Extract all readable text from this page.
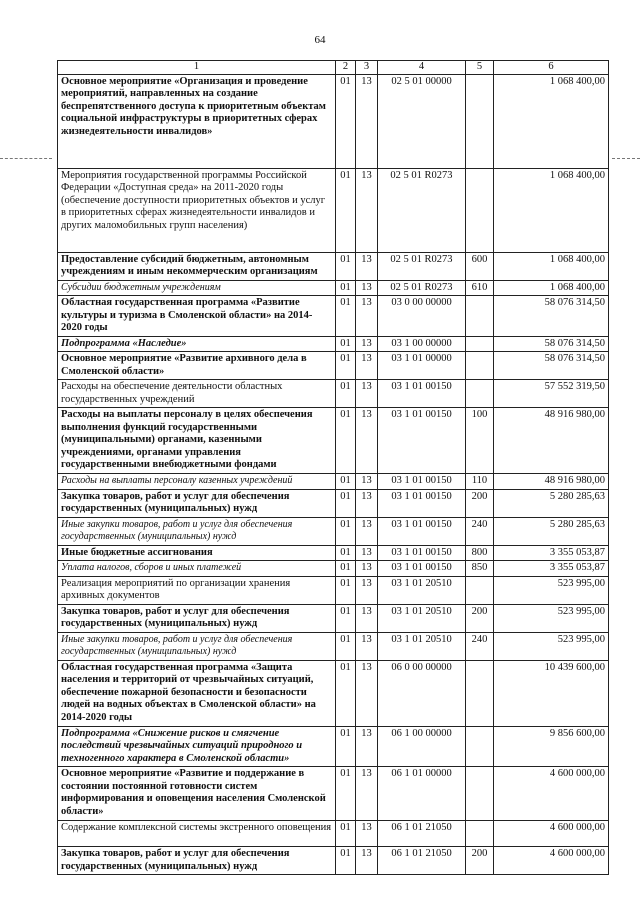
64
1	2	3	4	5	6
Основное мероприятие «Организация и проведение мероприятий, направленных на создание беспрепятственного доступа к приоритетным объектам социальной инфраструктуры в приоритетных сферах жизнедеятельности инвалидов»	01	13	02 5 01 00000		1 068 400,00
Мероприятия государственной программы Российской Федерации «Доступная среда» на 2011-2020 годы (обеспечение доступности приоритетных объектов и услуг в приоритетных сферах жизнедеятельности инвалидов и других маломобильных групп населения)	01	13	02 5 01 R0273		1 068 400,00
Предоставление субсидий бюджетным, автономным учреждениям и иным некоммерческим организациям	01	13	02 5 01 R0273	600	1 068 400,00
Субсидии бюджетным учреждениям	01	13	02 5 01 R0273	610	1 068 400,00
Областная государственная программа «Развитие культуры и туризма в Смоленской области» на 2014-2020 годы	01	13	03 0 00 00000		58 076 314,50
Подпрограмма «Наследие»	01	13	03 1 00 00000		58 076 314,50
Основное мероприятие «Развитие архивного дела в Смоленской области»	01	13	03 1 01 00000		58 076 314,50
Расходы на обеспечение деятельности областных государственных учреждений	01	13	03 1 01 00150		57 552 319,50
Расходы на выплаты персоналу в целях обеспечения выполнения функций государственными (муниципальными) органами, казенными учреждениями, органами управления государственными внебюджетными фондами	01	13	03 1 01 00150	100	48 916 980,00
Расходы на выплаты персоналу казенных учреждений	01	13	03 1 01 00150	110	48 916 980,00
Закупка товаров, работ и услуг для обеспечения государственных (муниципальных) нужд	01	13	03 1 01 00150	200	5 280 285,63
Иные закупки товаров, работ и услуг для обеспечения государственных (муниципальных) нужд	01	13	03 1 01 00150	240	5 280 285,63
Иные бюджетные ассигнования	01	13	03 1 01 00150	800	3 355 053,87
Уплата налогов, сборов и иных платежей	01	13	03 1 01 00150	850	3 355 053,87
Реализация мероприятий по организации хранения архивных документов	01	13	03 1 01 20510		523 995,00
Закупка товаров, работ и услуг для обеспечения государственных (муниципальных) нужд	01	13	03 1 01 20510	200	523 995,00
Иные закупки товаров, работ и услуг для обеспечения государственных (муниципальных) нужд	01	13	03 1 01 20510	240	523 995,00
Областная государственная программа «Защита населения и территорий от чрезвычайных ситуаций, обеспечение пожарной безопасности и безопасности людей на водных объектах в Смоленской области» на 2014-2020 годы	01	13	06 0 00 00000		10 439 600,00
Подпрограмма «Снижение рисков и смягчение последствий чрезвычайных ситуаций природного и техногенного характера в Смоленской области»	01	13	06 1 00 00000		9 856 600,00
Основное мероприятие «Развитие и поддержание в состоянии постоянной готовности систем информирования и оповещения населения Смоленской области»	01	13	06 1 01 00000		4 600 000,00
Содержание комплексной системы экстренного оповещения	01	13	06 1 01 21050		4 600 000,00
Закупка товаров, работ и услуг для обеспечения государственных (муниципальных) нужд	01	13	06 1 01 21050	200	4 600 000,00
